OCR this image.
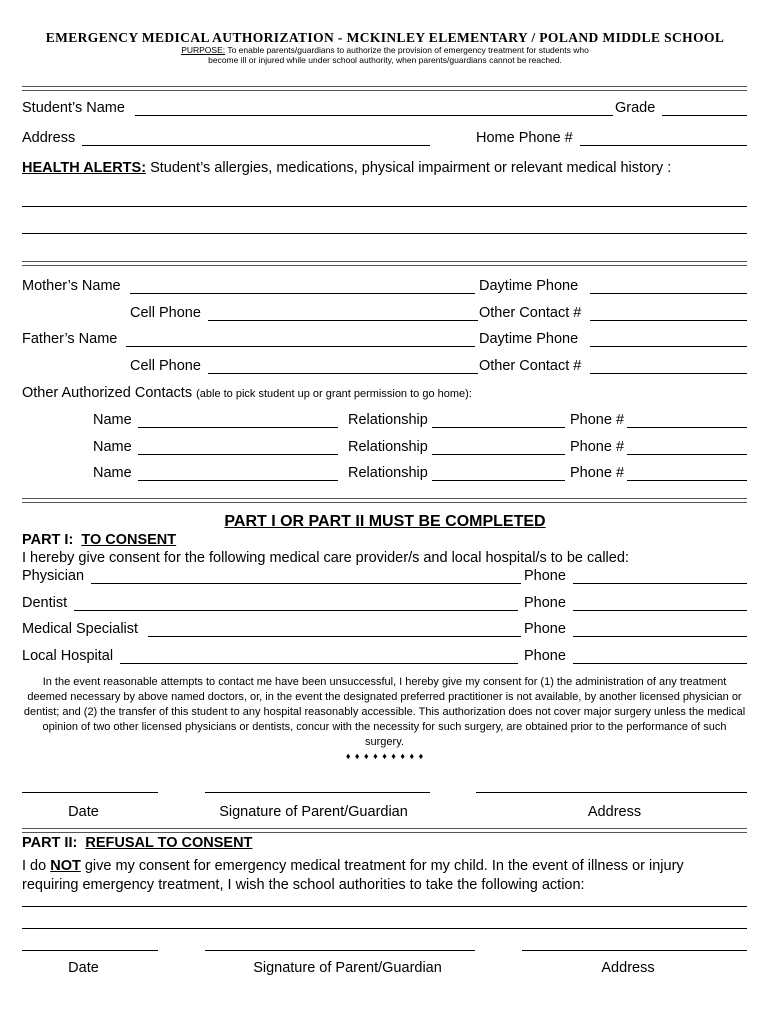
EMERGENCY MEDICAL AUTHORIZATION - MCKINLEY ELEMENTARY / POLAND MIDDLE SCHOOL
PURPOSE: To enable parents/guardians to authorize the provision of emergency treatment for students who
become ill or injured while under school authority, when parents/guardians cannot be reached.
Student’s Name	Grade
Address	Home Phone #
HEALTH ALERTS: Student’s allergies, medications, physical impairment or relevant medical history :
Mother’s Name	Daytime Phone
Cell Phone	Other Contact #
Father’s Name	Daytime Phone
Cell Phone	Other Contact #
Other Authorized Contacts (able to pick student up or grant permission to go home):
Name	Relationship	Phone #
Name	Relationship	Phone #
Name	Relationship	Phone #
PART I OR PART II MUST BE COMPLETED
PART I: TO CONSENT
I hereby give consent for the following medical care provider/s and local hospital/s to be called:
Physician	Phone
Dentist	Phone
Medical Specialist	Phone
Local Hospital	Phone
In the event reasonable attempts to contact me have been unsuccessful, I hereby give my consent for (1) the administration of any treatment deemed necessary by above named doctors, or, in the event the designated preferred practitioner is not available, by another licensed physician or dentist; and (2) the transfer of this student to any hospital reasonably accessible. This authorization does not cover major surgery unless the medical opinion of two other licensed physicians or dentists, concur with the necessity for such surgery, are obtained prior to the performance of such surgery.
♦ ♦ ♦ ♦ ♦ ♦ ♦ ♦ ♦
Date	Signature of Parent/Guardian	Address
PART II: REFUSAL TO CONSENT
I do NOT give my consent for emergency medical treatment for my child. In the event of illness or injury
requiring emergency treatment, I wish the school authorities to take the following action:
Date	Signature of Parent/Guardian	Address
